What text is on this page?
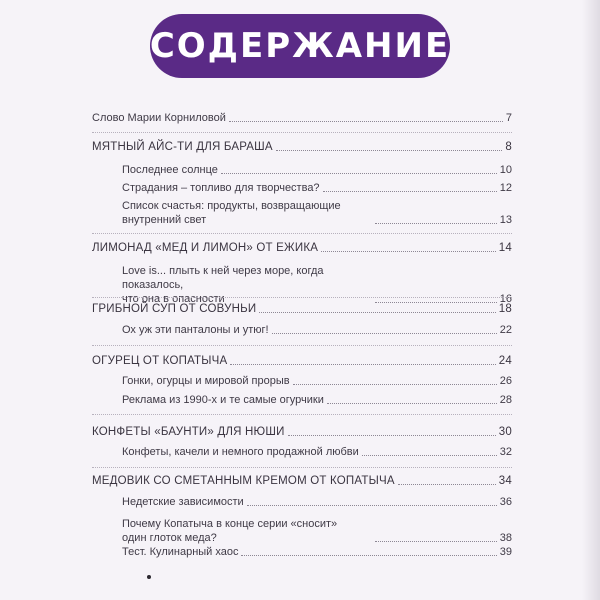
СОДЕРЖАНИЕ
Слово Марии Корниловой	7
МЯТНЫЙ АЙС-ТИ ДЛЯ БАРАША	8
Последнее солнце	10
Страдания – топливо для творчества?	12
Список счастья: продукты, возвращающие
внутренний свет	13
ЛИМОНАД «МЕД И ЛИМОН» ОТ ЕЖИКА	14
Love is... плыть к ней через море, когда показалось,
что она в опасности	16
ГРИБНОЙ СУП ОТ СОВУНЬИ	18
Ох уж эти панталоны и утюг!	22
ОГУРЕЦ ОТ КОПАТЫЧА	24
Гонки, огурцы и мировой прорыв	26
Реклама из 1990-х и те самые огурчики	28
КОНФЕТЫ «БАУНТИ» ДЛЯ НЮШИ	30
Конфеты, качели и немного продажной любви	32
МЕДОВИК СО СМЕТАННЫМ КРЕМОМ ОТ КОПАТЫЧА	34
Недетские зависимости	36
Почему Копатыча в конце серии «сносит»
один глоток меда?	38
Тест. Кулинарный хаос	39
